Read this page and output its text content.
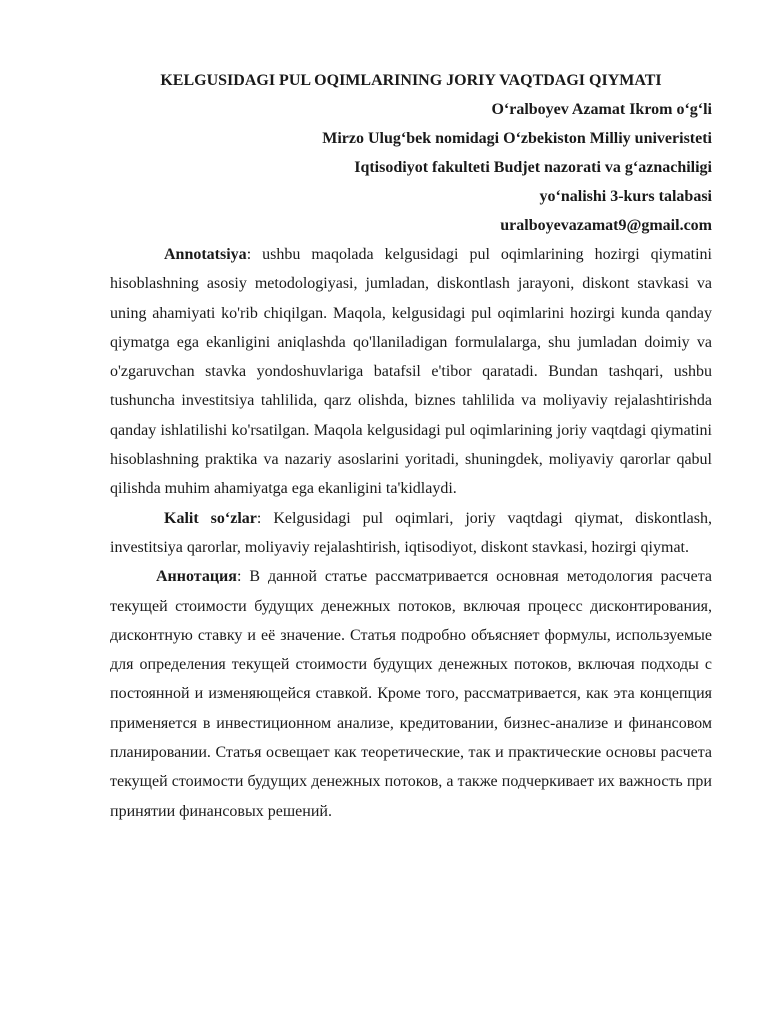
KELGUSIDAGI PUL OQIMLARINING JORIY VAQTDAGI QIYMATI

O‘ralboyev Azamat Ikrom o‘g‘li

Mirzo Ulug‘bek nomidagi O‘zbekiston Milliy univeristeti

Iqtisodiyot fakulteti Budjet nazorati va g‘aznachiligi

yo‘nalishi 3-kurs talabasi

uralboyevazamat9@gmail.com

Annotatsiya: ushbu maqolada kelgusidagi pul oqimlarining hozirgi qiymatini hisoblashning asosiy metodologiyasi, jumladan, diskontlash jarayoni, diskont stavkasi va uning ahamiyati ko'rib chiqilgan. Maqola, kelgusidagi pul oqimlarini hozirgi kunda qanday qiymatga ega ekanligini aniqlashda qo'llaniladigan formulalarga, shu jumladan doimiy va o'zgaruvchan stavka yondoshuvlariga batafsil e'tibor qaratadi. Bundan tashqari, ushbu tushuncha investitsiya tahlilida, qarz olishda, biznes tahlilida va moliyaviy rejalashtirishda qanday ishlatilishi ko'rsatilgan. Maqola kelgusidagi pul oqimlarining joriy vaqtdagi qiymatini hisoblashning praktika va nazariy asoslarini yoritadi, shuningdek, moliyaviy qarorlar qabul qilishda muhim ahamiyatga ega ekanligini ta'kidlaydi.

Kalit so‘zlar: Kelgusidagi pul oqimlari, joriy vaqtdagi qiymat, diskontlash, investitsiya qarorlar, moliyaviy rejalashtirish, iqtisodiyot, diskont stavkasi, hozirgi qiymat.

Аннотация: В данной статье рассматривается основная методология расчета текущей стоимости будущих денежных потоков, включая процесс дисконтирования, дисконтную ставку и её значение. Статья подробно объясняет формулы, используемые для определения текущей стоимости будущих денежных потоков, включая подходы с постоянной и изменяющейся ставкой. Кроме того, рассматривается, как эта концепция применяется в инвестиционном анализе, кредитовании, бизнес-анализе и финансовом планировании. Статья освещает как теоретические, так и практические основы расчета текущей стоимости будущих денежных потоков, а также подчеркивает их важность при принятии финансовых решений.
